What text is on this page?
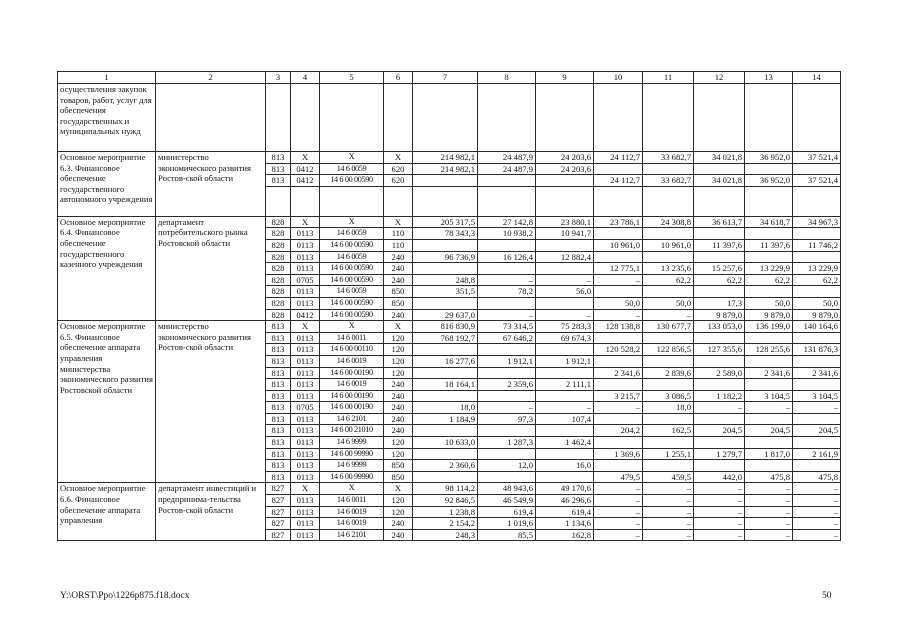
1	2	3	4	5	6	7	8	9	10	11	12	13	14
осуществления закупок товаров, работ, услуг для обеспечения государственных и муниципальных нужд													
Основное мероприятие 6.3. Финансовое обеспечение государственного автономного учреждения	министерство экономического развития Ростов-ской области	813	X	X	X	214 982,1	24 487,9	24 203,6	24 112,7	33 682,7	34 021,8	36 952,0	37 521,4
		813	0412	14 6 0059	620	214 982,1	24 487,9	24 203,6					
		813	0412	14 6 00 00590	620				24 112,7	33 682,7	34 021,8	36 952,0	37 521,4

Основное мероприятие 6.4. Финансовое обеспечение государственного казенного учреждения	департамент потребительского рынка Ростовской области	828	X	X	X	205 317,5	27 142,8	23 880,1	23 786,1	24 308,8	36 613,7	34 618,7	34 967,3
		828	0113	14 6 0059	110	78 343,3	10 938,2	10 941,7					
		828	0113	14 6 00 00590	110				10 961,0	10 961,0	11 397,6	11 397,6	11 746,2
		828	0113	14 6 0059	240	96 736,9	16 126,4	12 882,4					
		828	0113	14 6 00 00590	240				12 775,1	13 235,6	15 257,6	13 229,9	13 229,9
		828	0705	14 6 00 00590	240	248,8	–	–	–	62,2	62,2	62,2	62,2
		828	0113	14 6 0059	850	351,5	78,2	56,0					
		828	0113	14 6 00 00590	850				50,0	50,0	17,3	50,0	50,0
		828	0412	14 6 00 00590	240	29 637,0	–	–	–	–	9 879,0	9 879,0	9 879,0
Основное мероприятие 6.5. Финансовое обеспечение аппарата управления министерства экономического развития Ростовской области	министерство экономического развития Ростов-ской области	813	X	X	X	816 830,9	73 314,5	75 283,3	128 138,8	130 677,7	133 053,0	136 199,0	140 164,6
		813	0113	14 6 0011	120	768 192,7	67 646,2	69 674,3					
		813	0113	14 6 00 00110	120				120 528,2	122 856,5	127 355,6	128 255,6	131 876,3
		813	0113	14 6 0019	120	16 277,6	1 912,1	1 912,1					
		813	0113	14 6 00 00190	120				2 341,6	2 839,6	2 589,0	2 341,6	2 341,6
		813	0113	14 6 0019	240	18 164,1	2 359,6	2 111,1					
		813	0113	14 6 00 00190	240				3 215,7	3 086,5	1 182,2	3 104,5	3 104,5
		813	0705	14 6 00 00190	240	18,0	–	–	–	18,0	–	–	–
		813	0113	14 6 2101	240	1 184,9	97,3	107,4					
		813	0113	14 6 00 21010	240				204,2	162,5	204,5	204,5	204,5
		813	0113	14 6 9999	120	10 633,0	1 287,3	1 462,4					
		813	0113	14 6 00 99990	120				1 369,6	1 255,1	1 279,7	1 817,0	2 161,9
		813	0113	14 6 9999	850	2 360,6	12,0	16,0					
		813	0113	14 6 00 99990	850				479,5	459,5	442,0	475,8	475,8
Основное мероприятие 6.6. Финансовое обеспечение аппарата управления	департамент инвестиций и предпринима-тельства Ростов-ской области	827	X	X	X	98 114,2	48 943,6	49 170,6	–	–	–	–	–
		827	0113	14 6 0011	120	92 846,5	46 549,9	46 296,6	–	–	–	–	–
		827	0113	14 6 0019	120	1 238,8	619,4	619,4	–	–	–	–	–
		827	0113	14 6 0019	240	2 154,2	1 019,6	1 134,6	–	–	–	–	–
		827	0113	14 6 2101	240	248,3	85,5	162,8	–	–	–	–	–
Y:\ORST\Ppo\1226p875.f18.docx	50
